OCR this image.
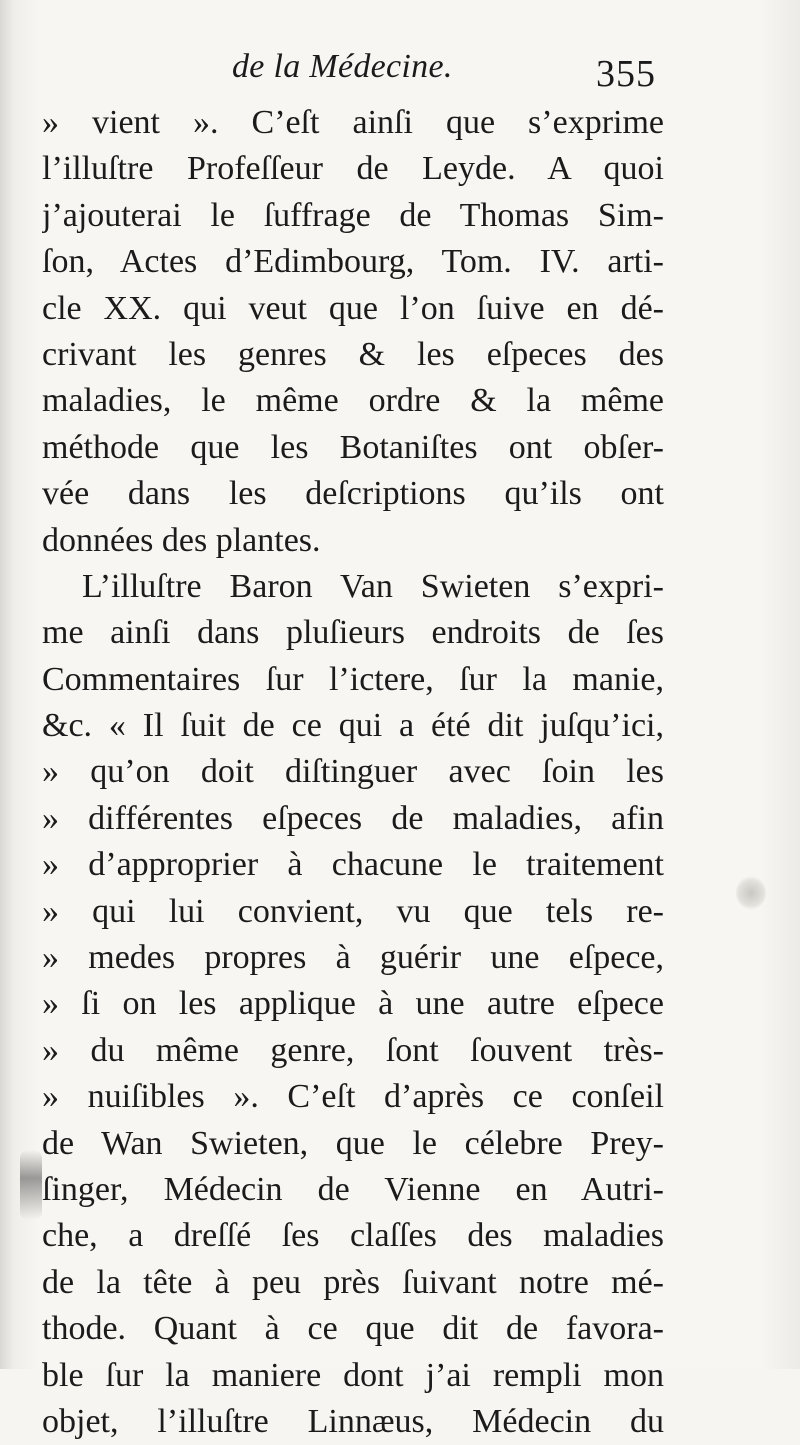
de la Médecine.	355
» vient ». C’eſt ainſi que s’exprime
l’illuſtre Profeſſeur de Leyde. A quoi
j’ajouterai le ſuffrage de Thomas Sim-
ſon, Actes d’Edimbourg, Tom. IV. arti-
cle XX. qui veut que l’on ſuive en dé-
crivant les genres & les eſpeces des
maladies, le même ordre & la même
méthode que les Botaniſtes ont obſer-
vée dans les deſcriptions qu’ils ont
données des plantes.
L’illuſtre Baron Van Swieten s’expri-
me ainſi dans pluſieurs endroits de ſes
Commentaires ſur l’ictere, ſur la manie,
&c. « Il ſuit de ce qui a été dit juſqu’ici,
» qu’on doit diſtinguer avec ſoin les
» différentes eſpeces de maladies, afin
» d’approprier à chacune le traitement
» qui lui convient, vu que tels re-
» medes propres à guérir une eſpece,
» ſi on les applique à une autre eſpece
» du même genre, ſont ſouvent très-
» nuiſibles ». C’eſt d’après ce conſeil
de Wan Swieten, que le célebre Prey-
ſinger, Médecin de Vienne en Autri-
che, a dreſſé ſes claſſes des maladies
de la tête à peu près ſuivant notre mé-
thode. Quant à ce que dit de favora-
ble ſur la maniere dont j’ai rempli mon
objet, l’illuſtre Linnæus, Médecin du
